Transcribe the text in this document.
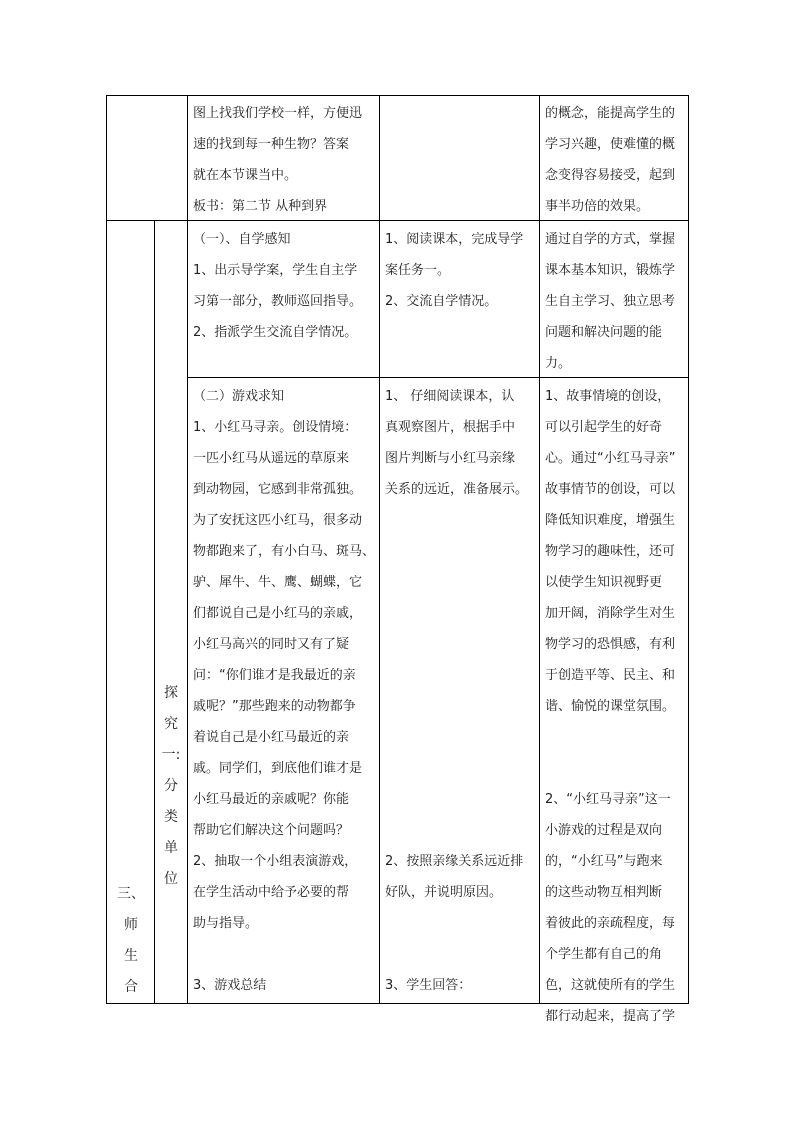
图上找我们学校一样，方便迅

速的找到每一种生物？答案

就在本节课当中。

板书：第二节 从种到界

的概念，能提高学生的

学习兴趣，使难懂的概

念变得容易接受，起到

事半功倍的效果。

三、
师
生
合
探
究
一:
分
类
单
位

（一）、自学感知

1、出示导学案，学生自主学

习第一部分，教师巡回指导。

2、指派学生交流自学情况。

1、阅读课本，完成导学

案任务一。

2、交流自学情况。

通过自学的方式，掌握

课本基本知识，锻炼学

生自主学习、独立思考

问题和解决问题的能

力。

（二）游戏求知

1、小红马寻亲。创设情境：

一匹小红马从遥远的草原来

到动物园，它感到非常孤独。

为了安抚这匹小红马，很多动

物都跑来了，有小白马、斑马、

驴、犀牛、牛、鹰、蝴蝶，它

们都说自己是小红马的亲戚，

小红马高兴的同时又有了疑

问：“你们谁才是我最近的亲

戚呢？”那些跑来的动物都争

着说自己是小红马最近的亲

戚。同学们，到底他们谁才是

小红马最近的亲戚呢？你能

帮助它们解决这个问题吗？

2、抽取一个小组表演游戏，

在学生活动中给予必要的帮

助与指导。

3、游戏总结

1、 仔细阅读课本，认

真观察图片，根据手中

图片判断与小红马亲缘

关系的远近，准备展示。

2、按照亲缘关系远近排

好队，并说明原因。

3、学生回答：

1、故事情境的创设，

可以引起学生的好奇

心。通过“小红马寻亲”

故事情节的创设，可以

降低知识难度，增强生

物学习的趣味性，还可

以使学生知识视野更

加开阔，消除学生对生

物学习的恐惧感，有利

于创造平等、民主、和

谐、愉悦的课堂氛围。

2、“小红马寻亲”这一

小游戏的过程是双向

的，“小红马”与跑来

的这些动物互相判断

着彼此的亲疏程度，每

个学生都有自己的角

色，这就使所有的学生

都行动起来，提高了学
